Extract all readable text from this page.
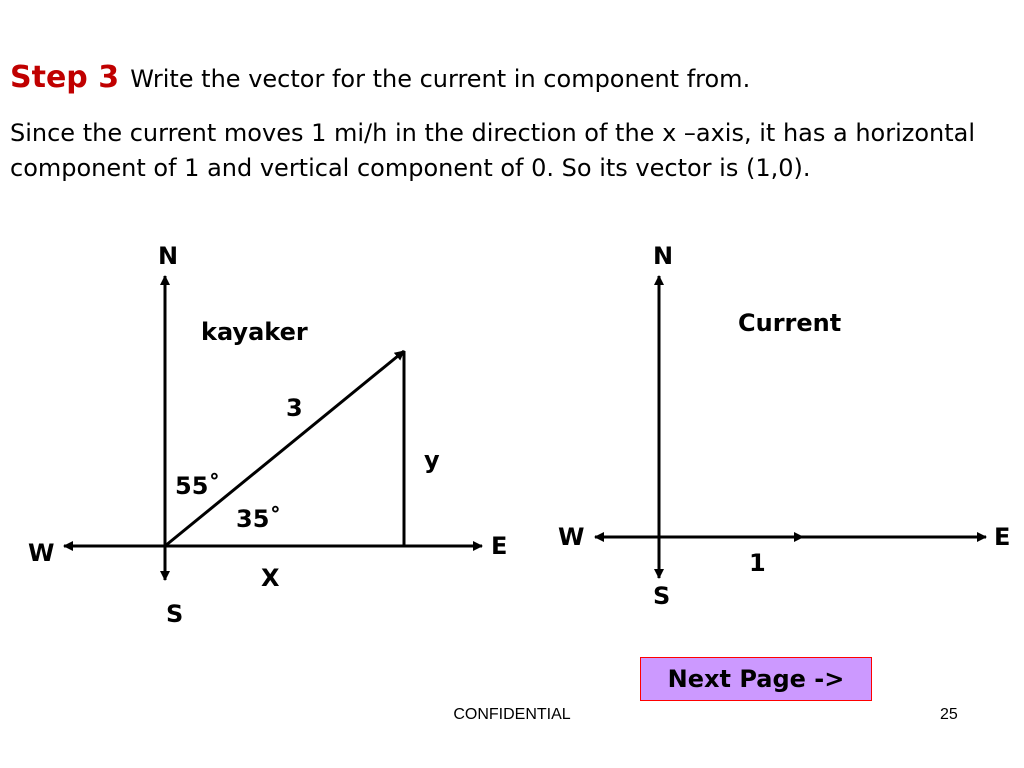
Step 3 Write the vector for the current in component from.

Since the current moves 1 mi/h in the direction of the x –axis, it has a horizontal component of 1 and vertical component of 0. So its vector is (1,0).

N
S
W	E
kayaker
3
y
X
55˚
35˚
N
S
W	E
Current
1
Next Page ->
CONFIDENTIAL	25
